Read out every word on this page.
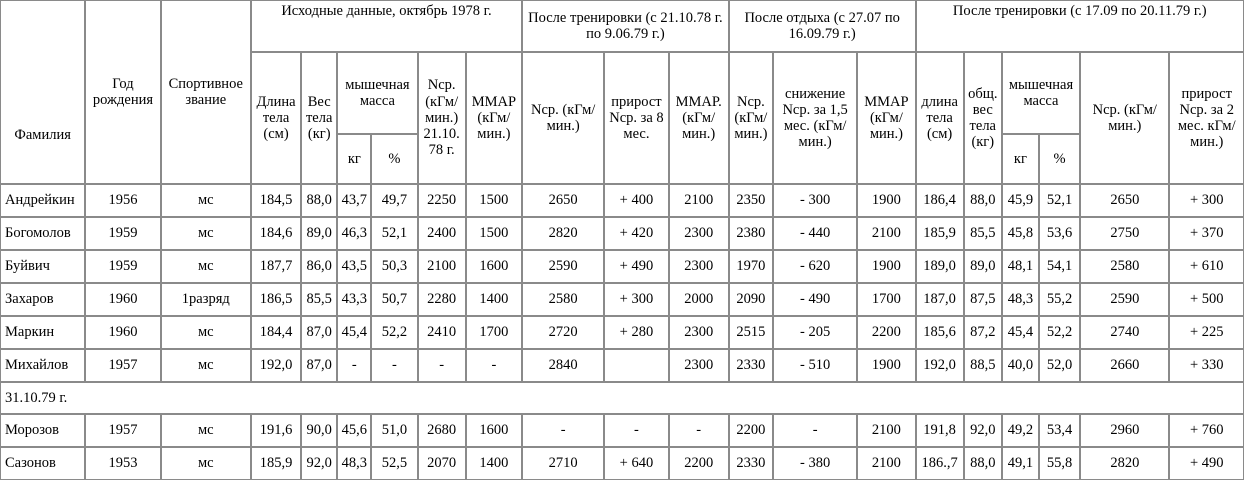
Фамилия	Год рождения	Спортивное звание	Исходные данные, октябрь 1978 г.						После тренировки (с 21.10.78 г. по 9.06.79 г.)			После отдыха (с 27.07 по 16.09.79 г.)			После тренировки (с 17.09 по 20.11.79 г.)					
			Длина тела (см)	Вес тела (кг)	мышечная масса		Nср. (кГм/ мин.) 21.10. 78 г.	ММАР (кГм/ мин.)	Nср. (кГм/мин.)	прирост Nср. за 8 мес.	ММАР. (кГм/ мин.)	Nср. (кГм/ мин.)	снижение Nср. за 1,5 мес. (кГм/мин.)	ММАР (кГм/ мин.)	длина тела (см)	общ. вес тела (кг)	мышечная масса		Nср. (кГм/мин.)	прирост Nср. за 2 мес. кГм/мин.)
					кг	%											кг	%		
Андрейкин	1956	мс	184,5	88,0	43,7	49,7	2250	1500	2650	+ 400	2100	2350	- 300	1900	186,4	88,0	45,9	52,1	2650	+ 300
Богомолов	1959	мс	184,6	89,0	46,3	52,1	2400	1500	2820	+ 420	2300	2380	- 440	2100	185,9	85,5	45,8	53,6	2750	+ 370
Буйвич	1959	мс	187,7	86,0	43,5	50,3	2100	1600	2590	+ 490	2300	1970	- 620	1900	189,0	89,0	48,1	54,1	2580	+ 610
Захаров	1960	1разряд	186,5	85,5	43,3	50,7	2280	1400	2580	+ 300	2000	2090	- 490	1700	187,0	87,5	48,3	55,2	2590	+ 500
Маркин	1960	мс	184,4	87,0	45,4	52,2	2410	1700	2720	+ 280	2300	2515	- 205	2200	185,6	87,2	45,4	52,2	2740	+ 225
Михайлов	1957	мс	192,0	87,0	-	-	-	-	2840		2300	2330	- 510	1900	192,0	88,5	40,0	52,0	2660	+ 330
31.10.79 г.																				
Морозов	1957	мс	191,6	90,0	45,6	51,0	2680	1600	-	-	-	2200	-	2100	191,8	92,0	49,2	53,4	2960	+ 760
Сазонов	1953	мс	185,9	92,0	48,3	52,5	2070	1400	2710	+ 640	2200	2330	- 380	2100	186.,7	88,0	49,1	55,8	2820	+ 490
